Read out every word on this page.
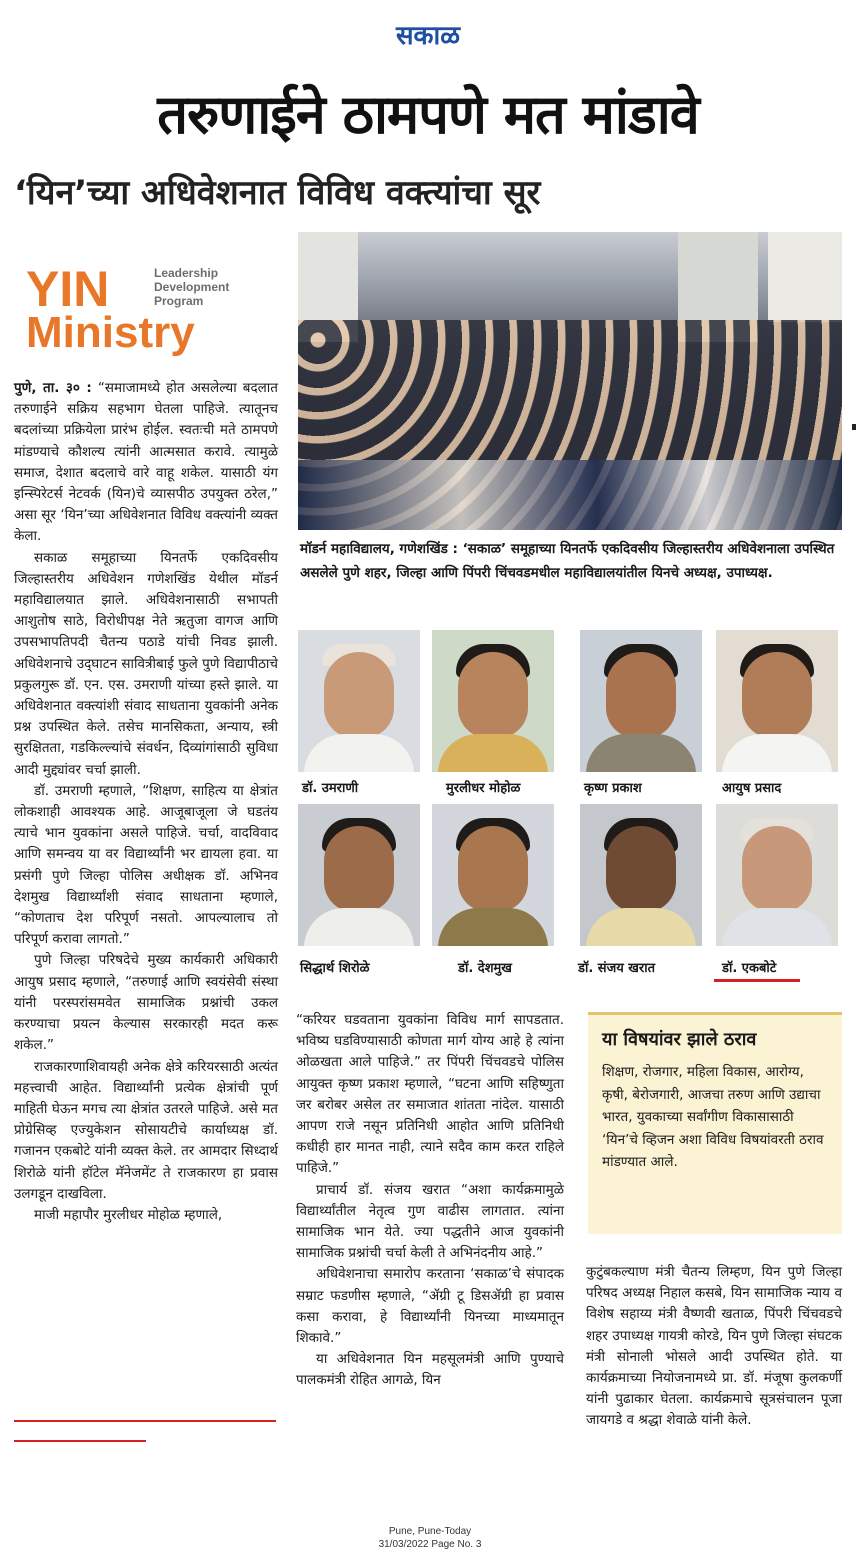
सकाळ
तरुणाईने ठामपणे मत मांडावे
‘यिन’च्या अधिवेशनात विविध वक्त्यांचा सूर
YIN	Leadership
Development
Program
Ministry
मॉडर्न महाविद्यालय, गणेशखिंड : ‘सकाळ’ समूहाच्या यिनतर्फे एकदिवसीय जिल्हास्तरीय अधिवेशनाला उपस्थित असलेले पुणे शहर, जिल्हा आणि पिंपरी चिंचवडमधील महाविद्यालयांतील यिनचे अध्यक्ष, उपाध्यक्ष.
डॉ. उमराणी	मुरलीधर मोहोळ	कृष्ण प्रकाश	आयुष प्रसाद
सिद्धार्थ शिरोळे	डॉ. देशमुख	डॉ. संजय खरात	डॉ. एकबोटे

पुणे, ता. ३० : “समाजामध्ये होत असलेल्या बदलात तरुणाईने सक्रिय सहभाग घेतला पाहिजे. त्यातूनच बदलांच्या प्रक्रियेला प्रारंभ होईल. स्वतःची मते ठामपणे मांडण्याचे कौशल्य त्यांनी आत्मसात करावे. त्यामुळे समाज, देशात बदलाचे वारे वाहू शकेल. यासाठी यंग इन्स्पिरेटर्स नेटवर्क (यिन)चे व्यासपीठ उपयुक्त ठरेल,” असा सूर ‘यिन’च्या अधिवेशनात विविध वक्त्यांनी व्यक्त केला.

सकाळ समूहाच्या यिनतर्फे एकदिवसीय जिल्हास्तरीय अधिवेशन गणेशखिंड येथील मॉडर्न महाविद्यालयात झाले. अधिवेशनासाठी सभापती आशुतोष साठे, विरोधीपक्ष नेते ऋतुजा वागज आणि उपसभापतिपदी चैतन्य पठाडे यांची निवड झाली. अधिवेशनाचे उद्‌घाटन सावित्रीबाई फुले पुणे विद्यापीठाचे प्रकुलगुरू डॉ. एन. एस. उमराणी यांच्या हस्ते झाले. या अधिवेशनात वक्त्यांशी संवाद साधताना युवकांनी अनेक प्रश्न उपस्थित केले. तसेच मानसिकता, अन्याय, स्त्री सुरक्षितता, गडकिल्ल्यांचे संवर्धन, दिव्यांगांसाठी सुविधा आदी मुद्द्यांवर चर्चा झाली.

डॉ. उमराणी म्हणाले, “शिक्षण, साहित्य या क्षेत्रांत लोकशाही आवश्यक आहे. आजूबाजूला जे घडतंय त्याचे भान युवकांना असले पाहिजे. चर्चा, वादविवाद आणि समन्वय या वर विद्यार्थ्यांनी भर द्यायला हवा. या प्रसंगी पुणे जिल्हा पोलिस अधीक्षक डॉ. अभिनव देशमुख विद्यार्थ्यांशी संवाद साधताना म्हणाले, “कोणताच देश परिपूर्ण नसतो. आपल्यालाच तो परिपूर्ण करावा लागतो.”

पुणे जिल्हा परिषदेचे मुख्य कार्यकारी अधिकारी आयुष प्रसाद म्हणाले, “तरुणाई आणि स्वयंसेवी संस्था यांनी परस्परांसमवेत सामाजिक प्रश्नांची उकल करण्याचा प्रयत्न केल्यास सरकारही मदत करू शकेल.”

राजकारणाशिवायही अनेक क्षेत्रे करियरसाठी अत्यंत महत्त्वाची आहेत. विद्यार्थ्यांनी प्रत्येक क्षेत्रांची पूर्ण माहिती घेऊन मगच त्या क्षेत्रांत उतरले पाहिजे. असे मत प्रोग्रेसिव्ह एज्युकेशन सोसायटीचे कार्याध्यक्ष डॉ. गजानन एकबोटे यांनी व्यक्त केले. तर आमदार सिध्दार्थ शिरोळे यांनी हॉटेल मॅनेजमेंट ते राजकारण हा प्रवास उलगडून दाखविला.

माजी महापौर मुरलीधर मोहोळ म्हणाले,

“करियर घडवताना युवकांना विविध मार्ग सापडतात. भविष्य घडविण्यासाठी कोणता मार्ग योग्य आहे हे त्यांना ओळखता आले पाहिजे.” तर पिंपरी चिंचवडचे पोलिस आयुक्त कृष्ण प्रकाश म्हणाले, “घटना आणि सहिष्णुता जर बरोबर असेल तर समाजात शांतता नांदेल. यासाठी आपण राजे नसून प्रतिनिधी आहोत आणि प्रतिनिधी कधीही हार मानत नाही, त्याने सदैव काम करत राहिले पाहिजे.”

प्राचार्य डॉ. संजय खरात “अशा कार्यक्रमामुळे विद्यार्थ्यांतील नेतृत्व गुण वाढीस लागतात. त्यांना सामाजिक भान येते. ज्या पद्धतीने आज युवकांनी सामाजिक प्रश्नांची चर्चा केली ते अभिनंदनीय आहे.”

अधिवेशनाचा समारोप करताना ‘सकाळ’चे संपादक सम्राट फडणीस म्हणाले, “ॲग्री टू डिसॲग्री हा प्रवास कसा करावा, हे विद्यार्थ्यांनी यिनच्या माध्यमातून शिकावे.”

या अधिवेशनात यिन महसूलमंत्री आणि पुण्याचे पालकमंत्री रोहित आगळे, यिन

या विषयांवर झाले ठराव
शिक्षण, रोजगार, महिला विकास, आरोग्य, कृषी, बेरोजगारी, आजचा तरुण आणि उद्याचा भारत, युवकाच्या सर्वांगीण विकासासाठी ‘यिन’चे व्हिजन अशा विविध विषयांवरती ठराव मांडण्यात आले.

कुटुंबकल्याण मंत्री चैतन्य लिम्हण, यिन पुणे जिल्हा परिषद अध्यक्ष निहाल कसबे, यिन सामाजिक न्याय व विशेष सहाय्य मंत्री वैष्णवी खताळ, पिंपरी चिंचवडचे शहर उपाध्यक्ष गायत्री कोरडे, यिन पुणे जिल्हा संघटक मंत्री सोनाली भोसले आदी उपस्थित होते. या कार्यक्रमाच्या नियोजनामध्ये प्रा. डॉ. मंजूषा कुलकर्णी यांनी पुढाकार घेतला. कार्यक्रमाचे सूत्रसंचालन पूजा जायगडे व श्रद्धा शेवाळे यांनी केले.

Pune, Pune-Today
31/03/2022 Page No. 3
